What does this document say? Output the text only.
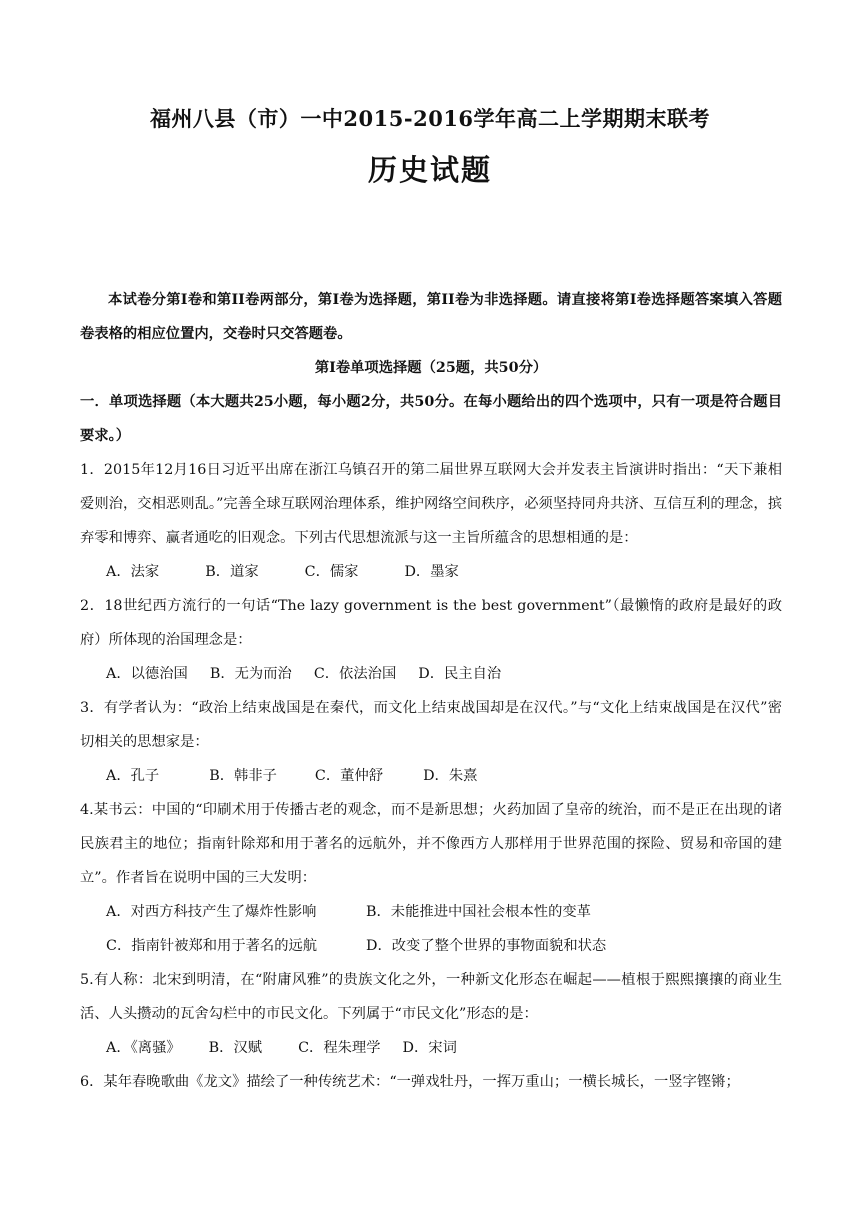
福州八县（市）一中2015-2016学年高二上学期期末联考
历史试题

本试卷分第Ⅰ卷和第II卷两部分，第Ⅰ卷为选择题，第II卷为非选择题。请直接将第Ⅰ卷选择题答案填入答题卷表格的相应位置内，交卷时只交答题卷。

第Ⅰ卷单项选择题（25题，共50分）

一．单项选择题（本大题共25小题，每小题2分，共50分。在每小题给出的四个选项中，只有一项是符合题目要求。）

1．2015年12月16日习近平出席在浙江乌镇召开的第二届世界互联网大会并发表主旨演讲时指出：“天下兼相爱则治，交相恶则乱。”完善全球互联网治理体系，维护网络空间秩序，必须坚持同舟共济、互信互利的理念，摈弃零和博弈、赢者通吃的旧观念。下列古代思想流派与这一主旨所蕴含的思想相通的是：

A．法家	B．道家	C．儒家	D．墨家

2．18世纪西方流行的一句话“The lazy government is the best government”（最懒惰的政府是最好的政府）所体现的治国理念是：

A．以德治国 B．无为而治 C．依法治国 D．民主自治

3．有学者认为：“政治上结束战国是在秦代，而文化上结束战国却是在汉代。”与“文化上结束战国是在汉代”密切相关的思想家是：

A．孔子	B．韩非子	C．董仲舒	D．朱熹

4.某书云：中国的“印刷术用于传播古老的观念，而不是新思想；火药加固了皇帝的统治，而不是正在出现的诸民族君主的地位；指南针除郑和用于著名的远航外，并不像西方人那样用于世界范围的探险、贸易和帝国的建立”。作者旨在说明中国的三大发明：

A．对西方科技产生了爆炸性影响	B．未能推进中国社会根本性的变革

C．指南针被郑和用于著名的远航	D．改变了整个世界的事物面貌和状态

5.有人称：北宋到明清，在“附庸风雅”的贵族文化之外，一种新文化形态在崛起——植根于熙熙攘攘的商业生活、人头攒动的瓦舍勾栏中的市民文化。下列属于“市民文化”形态的是：

A．《离骚》 B．汉赋	C．程朱理学 D．宋词

6．某年春晚歌曲《龙文》描绘了一种传统艺术：“一弹戏牡丹，一挥万重山；一横长城长，一竖字铿锵；
